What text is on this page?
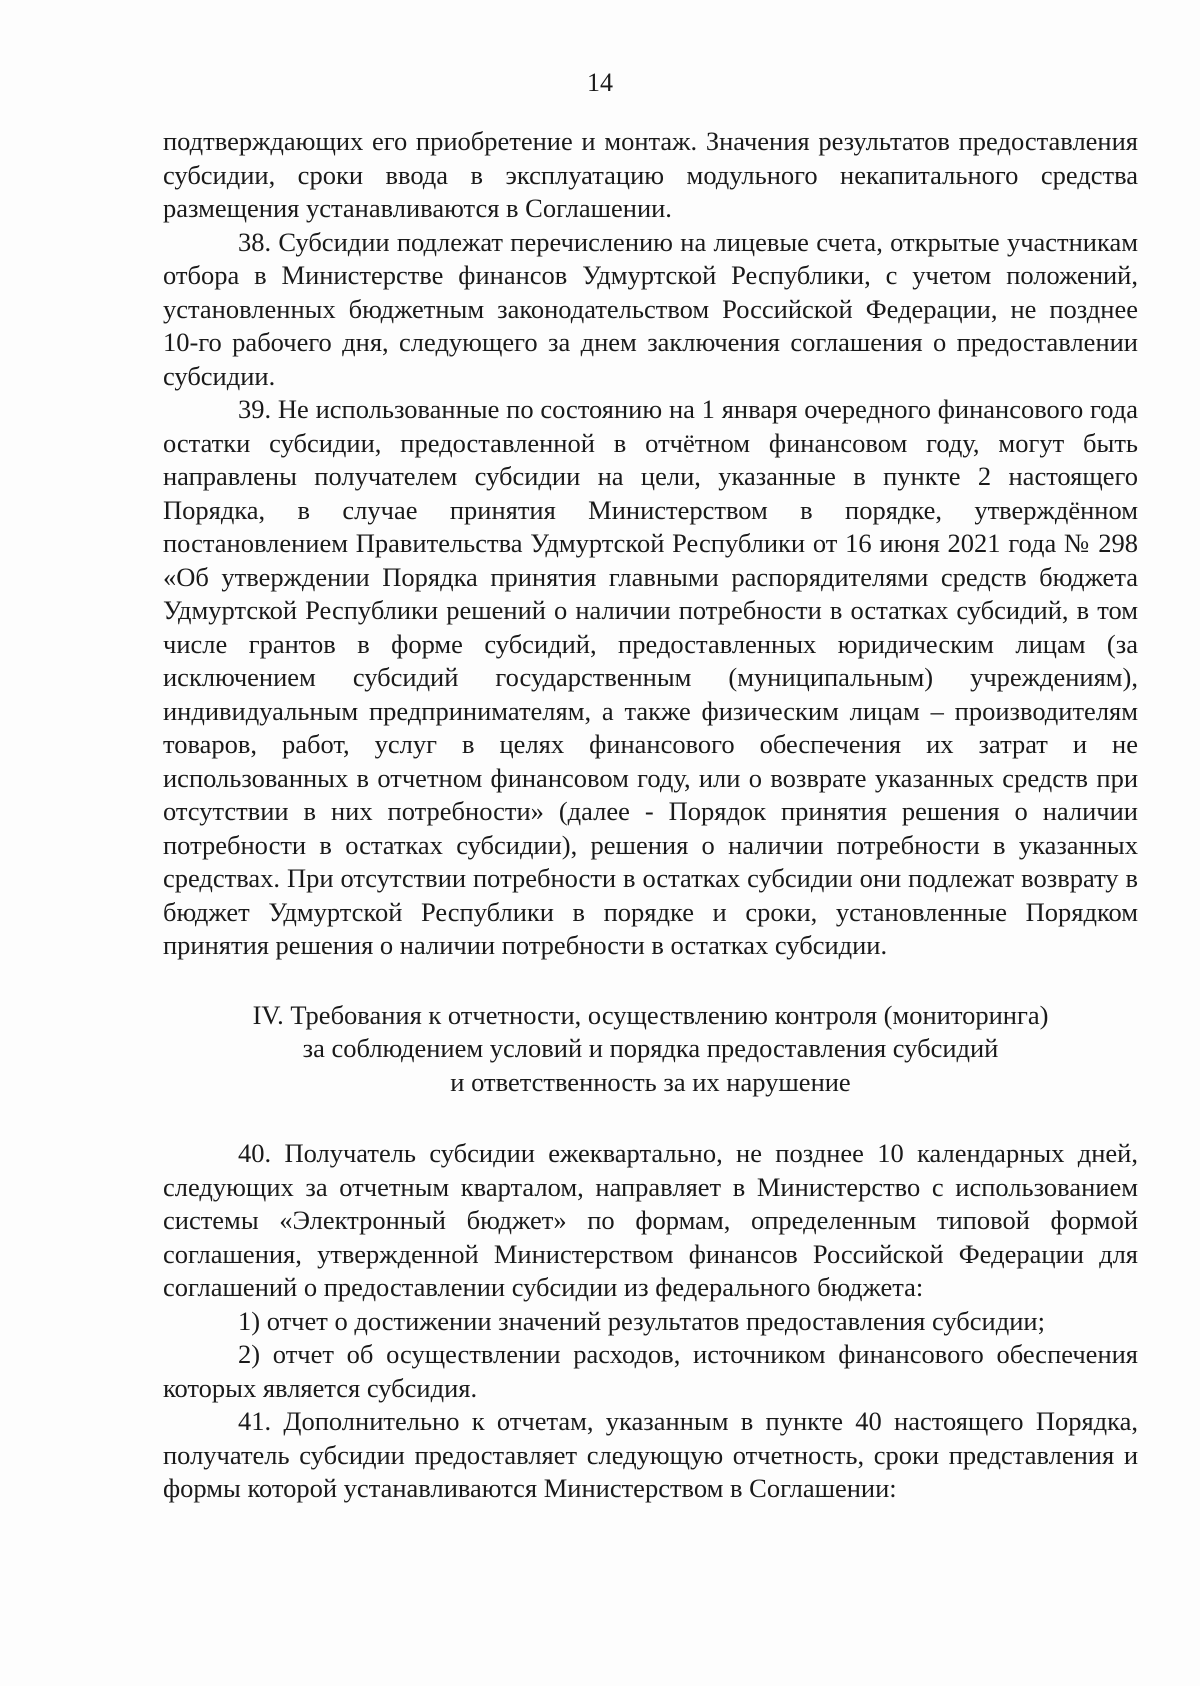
14

подтверждающих его приобретение и монтаж. Значения результатов предоставления субсидии, сроки ввода в эксплуатацию модульного некапитального средства размещения устанавливаются в Соглашении.

38. Субсидии подлежат перечислению на лицевые счета, открытые участникам отбора в Министерстве финансов Удмуртской Республики, с учетом положений, установленных бюджетным законодательством Российской Федерации, не позднее 10-го рабочего дня, следующего за днем заключения соглашения о предоставлении субсидии.

39. Не использованные по состоянию на 1 января очередного финансового года остатки субсидии, предоставленной в отчётном финансовом году, могут быть направлены получателем субсидии на цели, указанные в пункте 2 настоящего Порядка, в случае принятия Министерством в порядке, утверждённом постановлением Правительства Удмуртской Республики от 16 июня 2021 года № 298 «Об утверждении Порядка принятия главными распорядителями средств бюджета Удмуртской Республики решений о наличии потребности в остатках субсидий, в том числе грантов в форме субсидий, предоставленных юридическим лицам (за исключением субсидий государственным (муниципальным) учреждениям), индивидуальным предпринимателям, а также физическим лицам – производителям товаров, работ, услуг в целях финансового обеспечения их затрат и не использованных в отчетном финансовом году, или о возврате указанных средств при отсутствии в них потребности» (далее - Порядок принятия решения о наличии потребности в остатках субсидии), решения о наличии потребности в указанных средствах. При отсутствии потребности в остатках субсидии они подлежат возврату в бюджет Удмуртской Республики в порядке и сроки, установленные Порядком принятия решения о наличии потребности в остатках субсидии.

IV. Требования к отчетности, осуществлению контроля (мониторинга)
за соблюдением условий и порядка предоставления субсидий
и ответственность за их нарушение

40. Получатель субсидии ежеквартально, не позднее 10 календарных дней, следующих за отчетным кварталом, направляет в Министерство с использованием системы «Электронный бюджет» по формам, определенным типовой формой соглашения, утвержденной Министерством финансов Российской Федерации для соглашений о предоставлении субсидии из федерального бюджета:

1) отчет о достижении значений результатов предоставления субсидии;

2) отчет об осуществлении расходов, источником финансового обеспечения которых является субсидия.

41. Дополнительно к отчетам, указанным в пункте 40 настоящего Порядка, получатель субсидии предоставляет следующую отчетность, сроки представления и формы которой устанавливаются Министерством в Соглашении:
